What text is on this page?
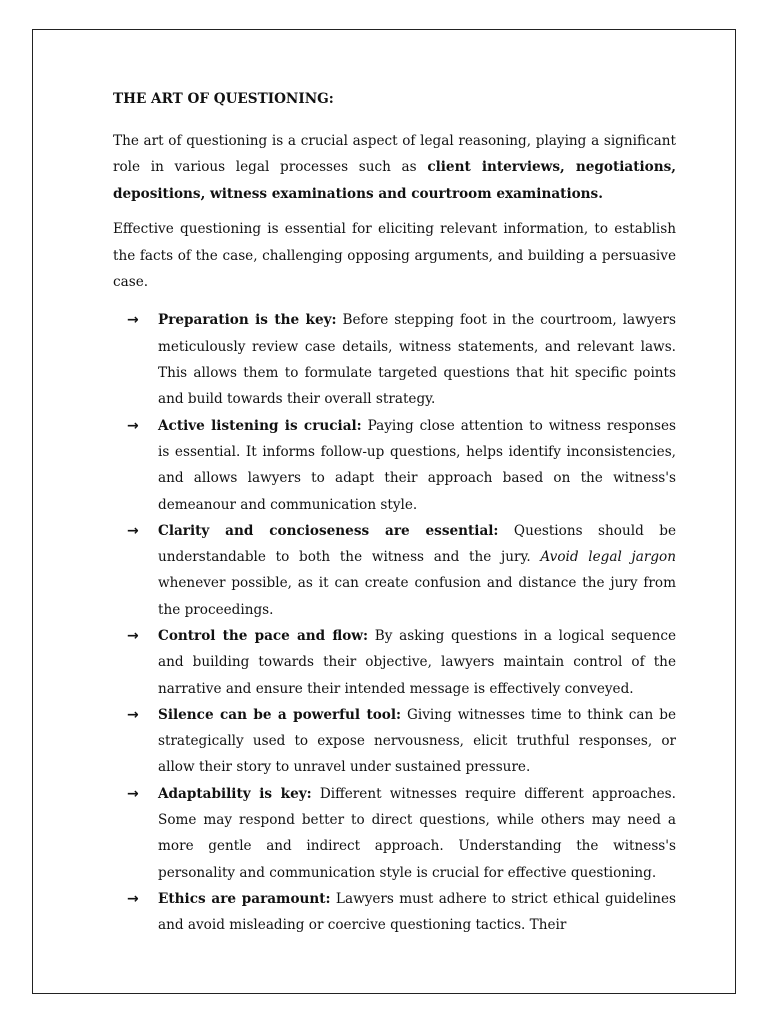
THE ART OF QUESTIONING:

The art of questioning is a crucial aspect of legal reasoning, playing a significant role in various legal processes such as client interviews, negotiations, depositions, witness examinations and courtroom examinations.

Effective questioning is essential for eliciting relevant information, to establish the facts of the case, challenging opposing arguments, and building a persuasive case.

→ Preparation is the key: Before stepping foot in the courtroom, lawyers meticulously review case details, witness statements, and relevant laws. This allows them to formulate targeted questions that hit specific points and build towards their overall strategy.
→ Active listening is crucial: Paying close attention to witness responses is essential. It informs follow-up questions, helps identify inconsistencies, and allows lawyers to adapt their approach based on the witness's demeanour and communication style.
→ Clarity and concioseness are essential: Questions should be understandable to both the witness and the jury. Avoid legal jargon whenever possible, as it can create confusion and distance the jury from the proceedings.
→ Control the pace and flow: By asking questions in a logical sequence and building towards their objective, lawyers maintain control of the narrative and ensure their intended message is effectively conveyed.
→ Silence can be a powerful tool: Giving witnesses time to think can be strategically used to expose nervousness, elicit truthful responses, or allow their story to unravel under sustained pressure.
→ Adaptability is key: Different witnesses require different approaches. Some may respond better to direct questions, while others may need a more gentle and indirect approach. Understanding the witness's personality and communication style is crucial for effective questioning.
→ Ethics are paramount: Lawyers must adhere to strict ethical guidelines and avoid misleading or coercive questioning tactics. Their
